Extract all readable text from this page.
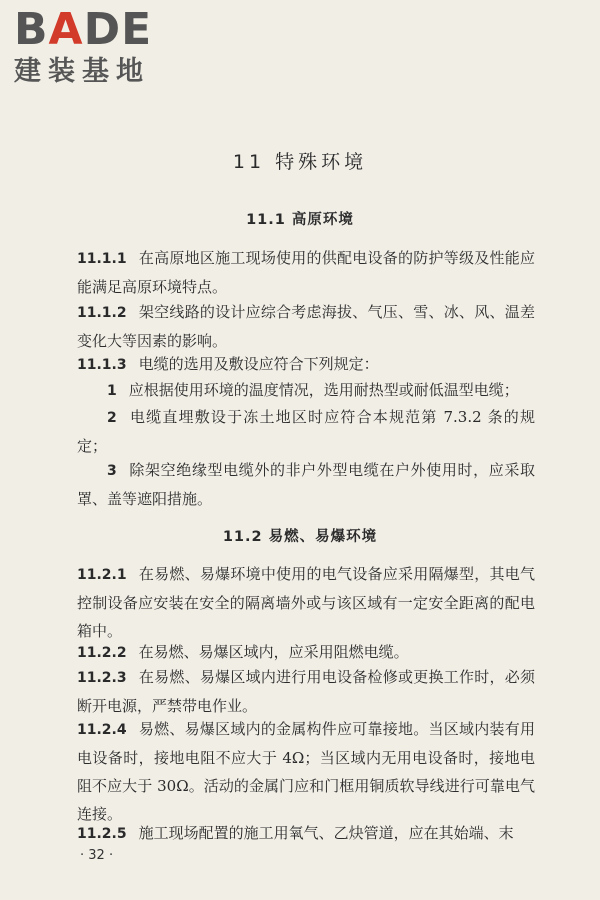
BADE
建装基地
11 特殊环境
11.1 高原环境
11.1.1 在高原地区施工现场使用的供配电设备的防护等级及性能应能满足高原环境特点。
11.1.2 架空线路的设计应综合考虑海拔、气压、雪、冰、风、温差变化大等因素的影响。
11.1.3 电缆的选用及敷设应符合下列规定：
1 应根据使用环境的温度情况，选用耐热型或耐低温型电缆；
2 电缆直埋敷设于冻土地区时应符合本规范第 7.3.2 条的规定；
3 除架空绝缘型电缆外的非户外型电缆在户外使用时，应采取罩、盖等遮阳措施。
11.2 易燃、易爆环境
11.2.1 在易燃、易爆环境中使用的电气设备应采用隔爆型，其电气控制设备应安装在安全的隔离墙外或与该区域有一定安全距离的配电箱中。
11.2.2 在易燃、易爆区域内，应采用阻燃电缆。
11.2.3 在易燃、易爆区域内进行用电设备检修或更换工作时，必须断开电源，严禁带电作业。
11.2.4 易燃、易爆区域内的金属构件应可靠接地。当区域内装有用电设备时，接地电阻不应大于 4Ω；当区域内无用电设备时，接地电阻不应大于 30Ω。活动的金属门应和门框用铜质软导线进行可靠电气连接。
11.2.5 施工现场配置的施工用氧气、乙炔管道，应在其始端、末
· 32 ·
